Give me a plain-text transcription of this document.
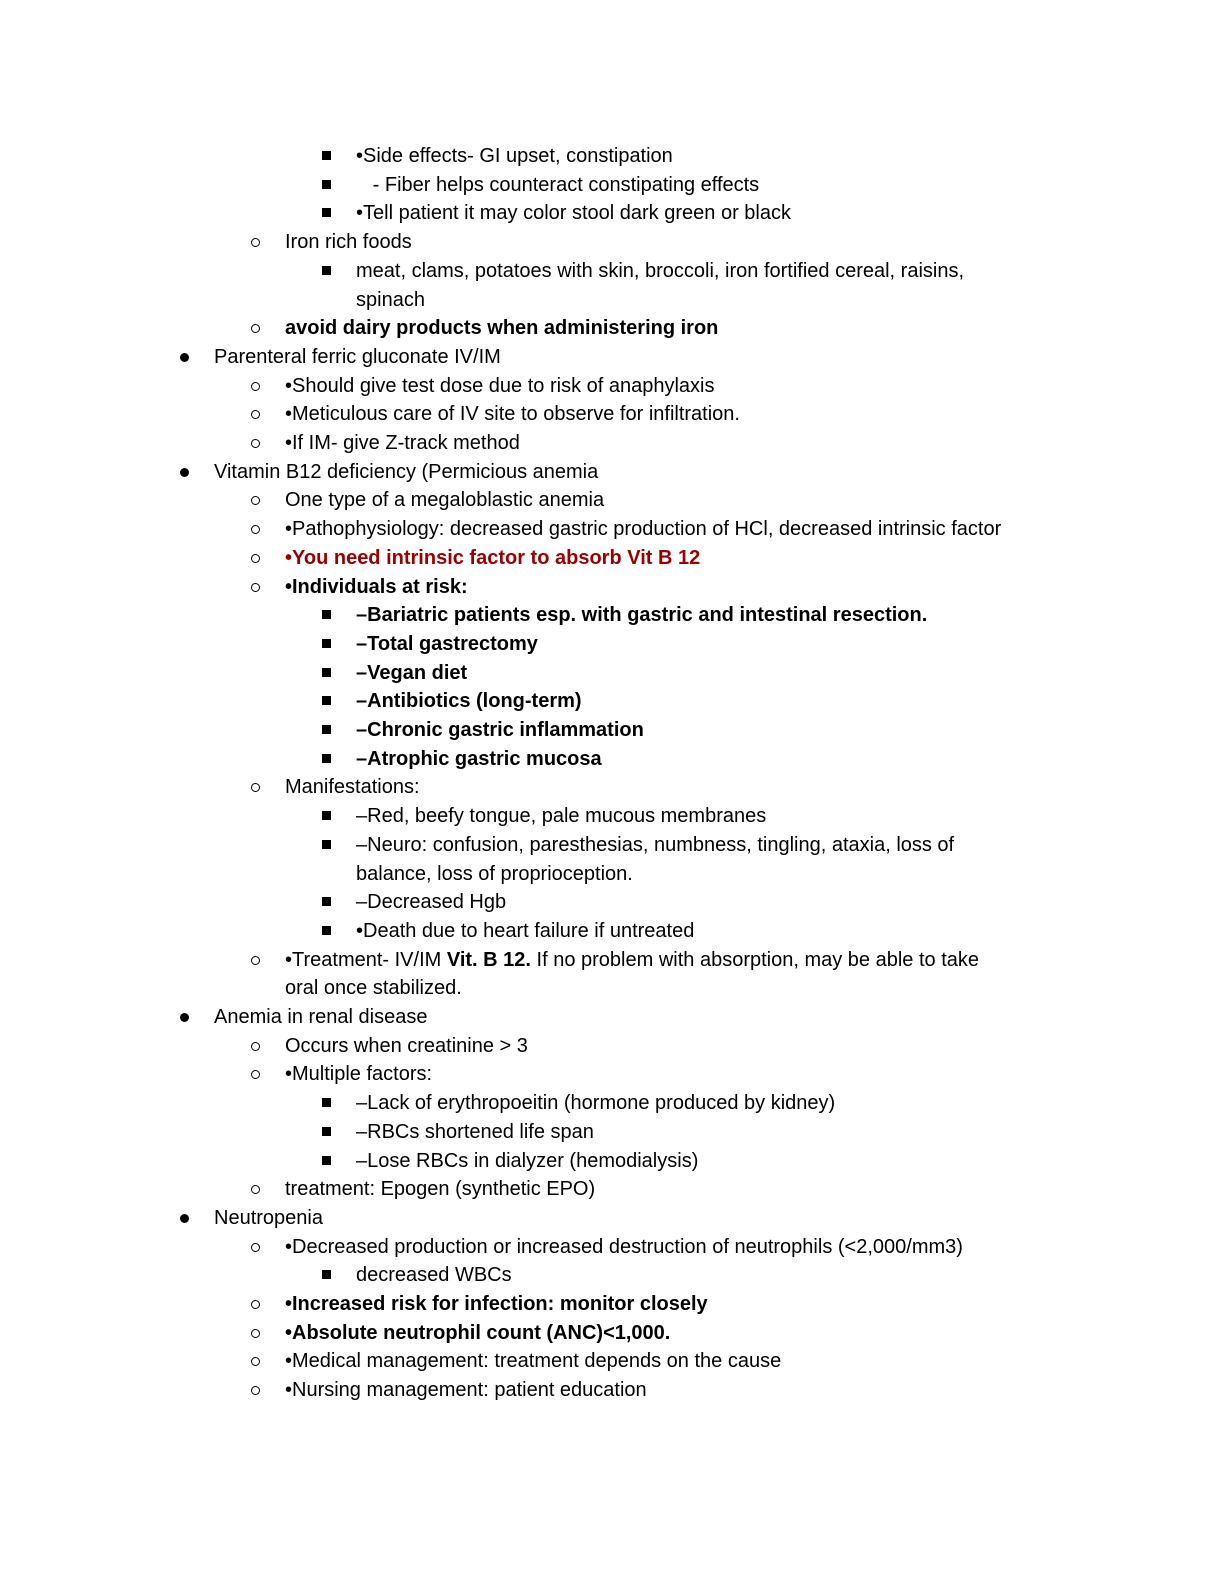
•Side effects- GI upset, constipation
- Fiber helps counteract constipating effects
•Tell patient it may color stool dark green or black
Iron rich foods
meat, clams, potatoes with skin, broccoli, iron fortified cereal, raisins,
spinach
avoid dairy products when administering iron
Parenteral ferric gluconate IV/IM
•Should give test dose due to risk of anaphylaxis
•Meticulous care of IV site to observe for infiltration.
•If IM- give Z-track method
Vitamin B12 deficiency (Permicious anemia
One type of a megaloblastic anemia
•Pathophysiology: decreased gastric production of HCl, decreased intrinsic factor
•You need intrinsic factor to absorb Vit B 12
•Individuals at risk:
–Bariatric patients esp. with gastric and intestinal resection.
–Total gastrectomy
–Vegan diet
–Antibiotics (long-term)
–Chronic gastric inflammation
–Atrophic gastric mucosa
Manifestations:
–Red, beefy tongue, pale mucous membranes
–Neuro: confusion, paresthesias, numbness, tingling, ataxia, loss of
balance, loss of proprioception.
–Decreased Hgb
•Death due to heart failure if untreated
•Treatment- IV/IM Vit. B 12. If no problem with absorption, may be able to take
oral once stabilized.
Anemia in renal disease
Occurs when creatinine > 3
•Multiple factors:
–Lack of erythropoeitin (hormone produced by kidney)
–RBCs shortened life span
–Lose RBCs in dialyzer (hemodialysis)
treatment: Epogen (synthetic EPO)
Neutropenia
•Decreased production or increased destruction of neutrophils (<2,000/mm3)
decreased WBCs
•Increased risk for infection: monitor closely
•Absolute neutrophil count (ANC)<1,000.
•Medical management: treatment depends on the cause
•Nursing management: patient education
